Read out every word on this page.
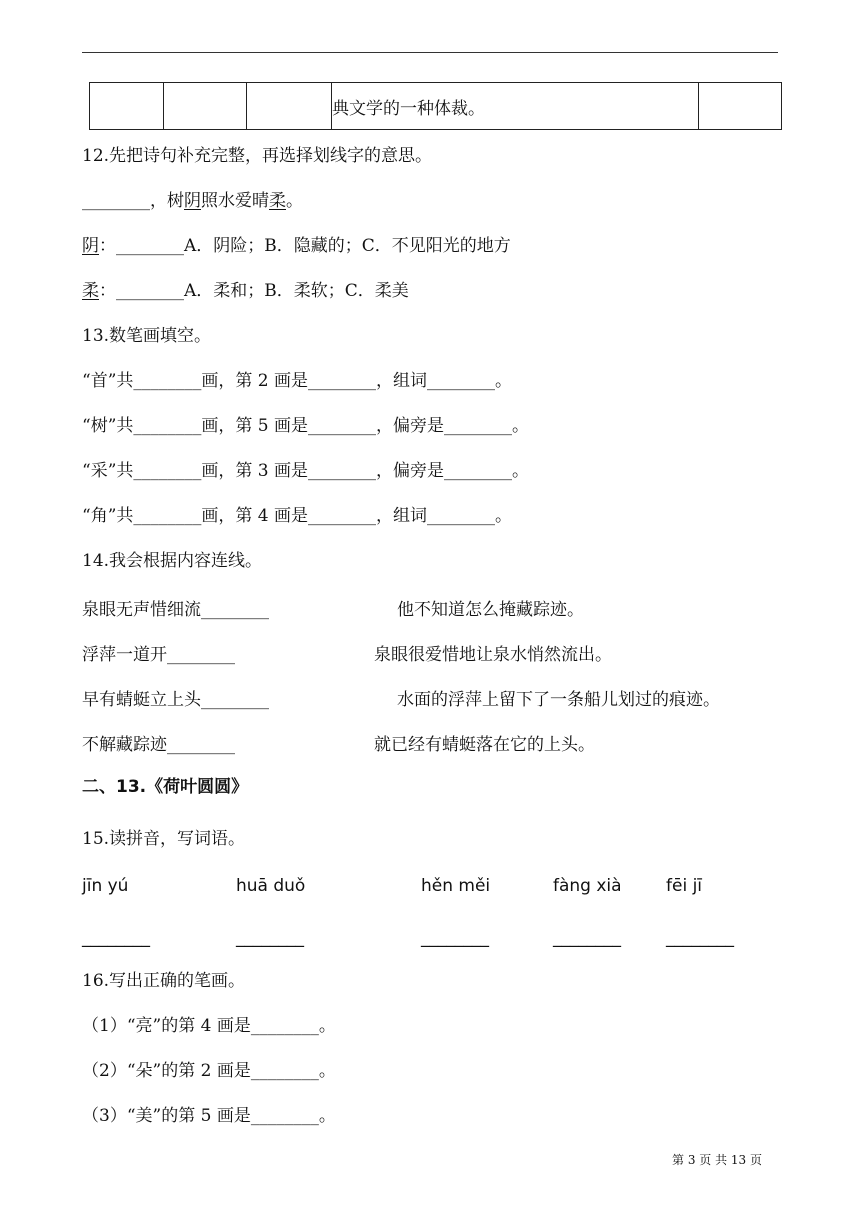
			典文学的一种体裁。	
12.先把诗句补充完整，再选择划线字的意思。
________，树阴照水爱晴柔。
阴：________A．阴险；B．隐藏的；C．不见阳光的地方
柔：________A．柔和；B．柔软；C．柔美
13.数笔画填空。
“首”共________画，第 2 画是________，组词________。
“树”共________画，第 5 画是________，偏旁是________。
“采”共________画，第 3 画是________，偏旁是________。
“角”共________画，第 4 画是________，组词________。
14.我会根据内容连线。
泉眼无声惜细流________
浮萍一道开________
早有蜻蜓立上头________
不解藏踪迹________
他不知道怎么掩藏踪迹。
泉眼很爱惜地让泉水悄然流出。
水面的浮萍上留下了一条船儿划过的痕迹。
就已经有蜻蜓落在它的上头。
二、13.《荷叶圆圆》
15.读拼音，写词语。
jīn yú	huā duǒ	hěn měi	fàng xià	fēi jī
________	________	________	________	________
16.写出正确的笔画。
（1）“亮”的第 4 画是________。
（2）“朵”的第 2 画是________。
（3）“美”的第 5 画是________。
第 3 页 共 13 页
